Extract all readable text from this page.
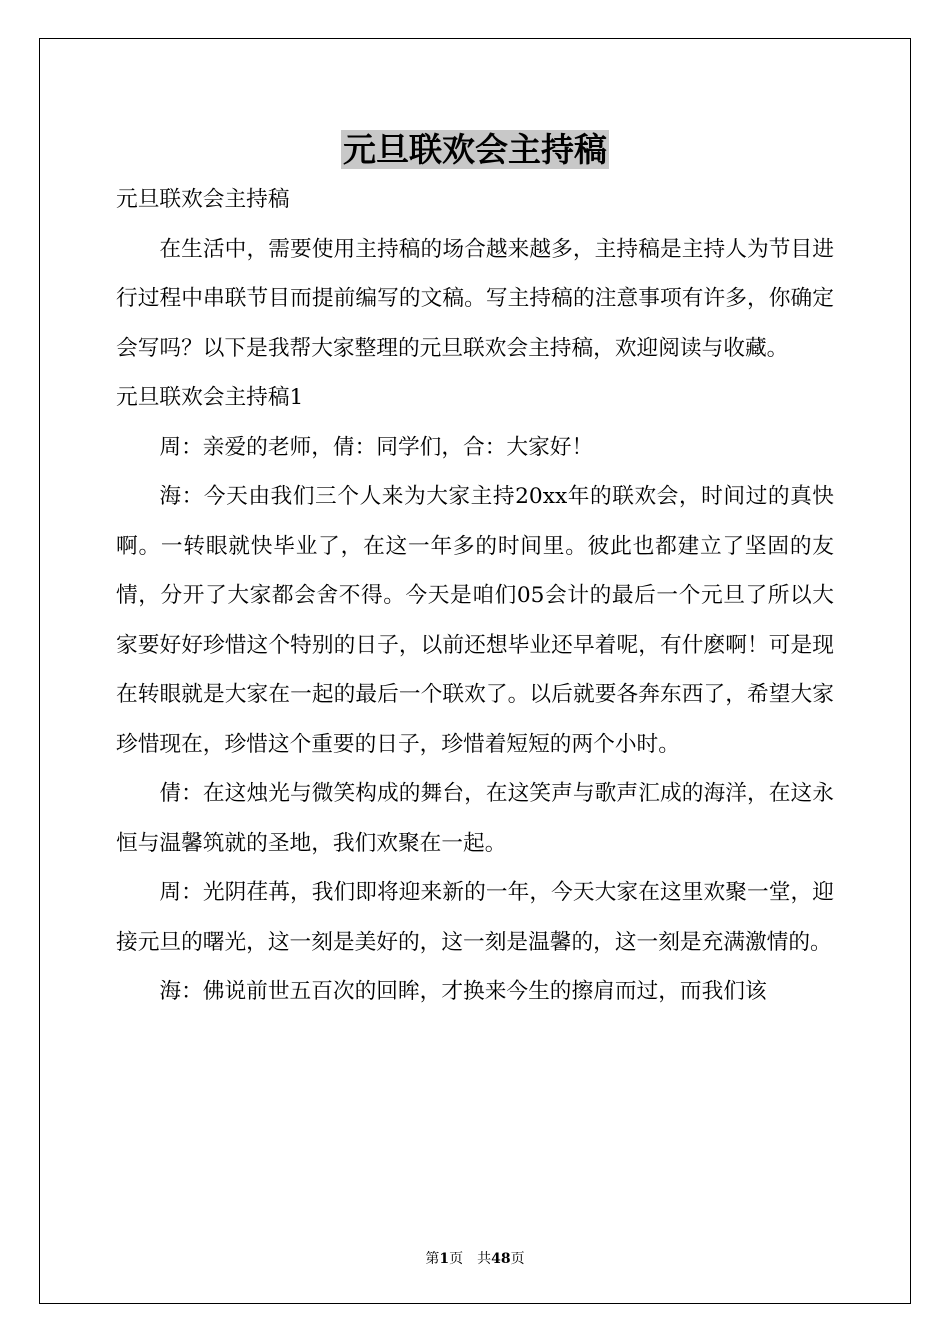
元旦联欢会主持稿

元旦联欢会主持稿

在生活中，需要使用主持稿的场合越来越多，主持稿是主持人为节目进行过程中串联节目而提前编写的文稿。写主持稿的注意事项有许多，你确定会写吗？以下是我帮大家整理的元旦联欢会主持稿，欢迎阅读与收藏。

元旦联欢会主持稿1

周：亲爱的老师，倩：同学们，合：大家好！

海：今天由我们三个人来为大家主持20xx年的联欢会，时间过的真快啊。一转眼就快毕业了，在这一年多的时间里。彼此也都建立了坚固的友情，分开了大家都会舍不得。今天是咱们05会计的最后一个元旦了所以大家要好好珍惜这个特别的日子，以前还想毕业还早着呢，有什麽啊！可是现在转眼就是大家在一起的最后一个联欢了。以后就要各奔东西了，希望大家珍惜现在，珍惜这个重要的日子，珍惜着短短的两个小时。

倩：在这烛光与微笑构成的舞台，在这笑声与歌声汇成的海洋，在这永恒与温馨筑就的圣地，我们欢聚在一起。

周：光阴荏苒，我们即将迎来新的一年，今天大家在这里欢聚一堂，迎接元旦的曙光，这一刻是美好的，这一刻是温馨的，这一刻是充满激情的。

海：佛说前世五百次的回眸，才换来今生的擦肩而过，而我们该

第1页　共48页
